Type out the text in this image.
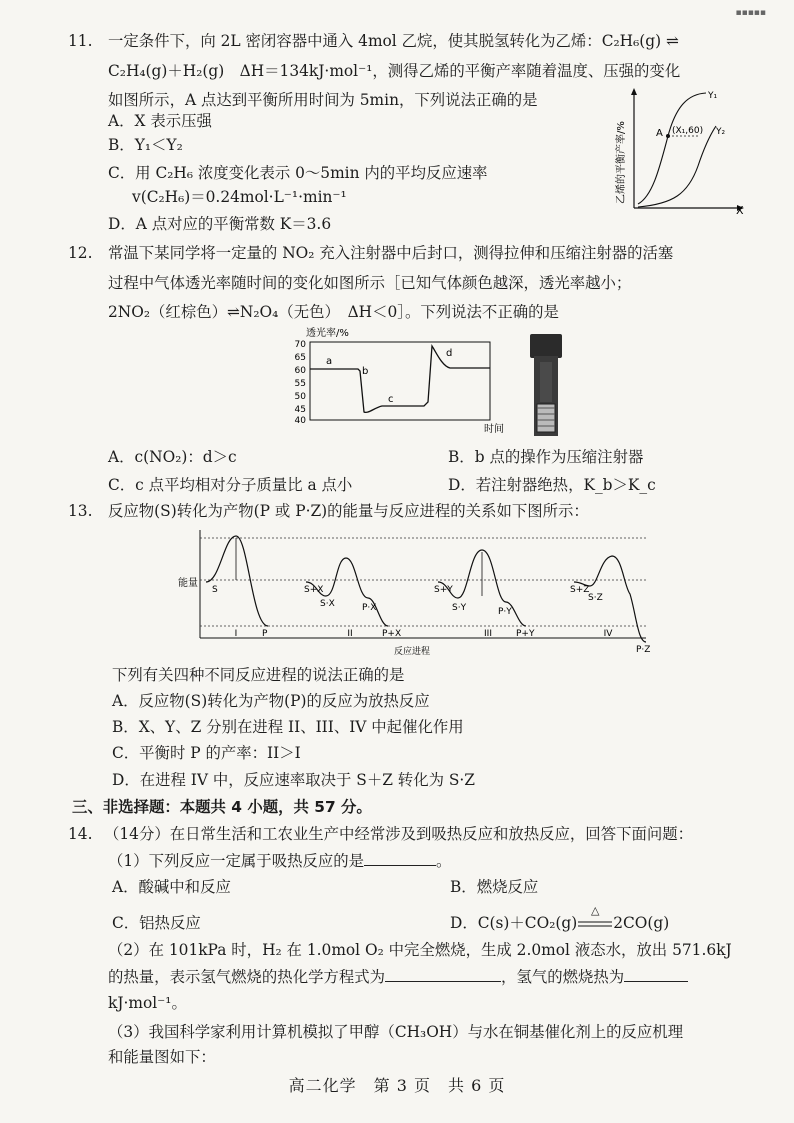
▪▪▪▪▪
11. 一定条件下，向 2L 密闭容器中通入 4mol 乙烷，使其脱氢转化为乙烯：C₂H₆(g) ⇌
C₂H₄(g)＋H₂(g)　ΔH＝134kJ·mol⁻¹，测得乙烯的平衡产率随着温度、压强的变化
如图所示，A 点达到平衡所用时间为 5min，下列说法正确的是
A．X 表示压强
B．Y₁＜Y₂
C．用 C₂H₆ 浓度变化表示 0～5min 内的平均反应速率
v(C₂H₆)＝0.24mol·L⁻¹·min⁻¹
D．A 点对应的平衡常数 K＝3.6
乙烯的平衡产率/%
X
A (X₁,60)
Y₁
Y₂
12. 常温下某同学将一定量的 NO₂ 充入注射器中后封口，测得拉伸和压缩注射器的活塞
过程中气体透光率随时间的变化如图所示［已知气体颜色越深，透光率越小；
2NO₂（红棕色）⇌N₂O₄（无色）　ΔH＜0］。下列说法不正确的是
透光率/%
70
65
60
55
50
45
40
a
b
c
d
时间
A．c(NO₂)：d＞c	B．b 点的操作为压缩注射器
C．c 点平均相对分子质量比 a 点小	D．若注射器绝热，K_b＞K_c
13. 反应物(S)转化为产物(P 或 P·Z)的能量与反应进程的关系如下图所示：
能量
S
P
S+X
S·X	P·X
P+X
S+Y
S·Y	P·Y
P+Y
S+Z
S·Z
P·Z
I	II	III	IV
反应进程
下列有关四种不同反应进程的说法正确的是
A．反应物(S)转化为产物(P)的反应为放热反应
B．X、Y、Z 分别在进程 II、III、IV 中起催化作用
C．平衡时 P 的产率：II＞I
D．在进程 IV 中，反应速率取决于 S＋Z 转化为 S·Z
三、非选择题：本题共 4 小题，共 57 分。
14. （14分）在日常生活和工农业生产中经常涉及到吸热反应和放热反应，回答下面问题：
（1）下列反应一定属于吸热反应的是	。
A．酸碱中和反应	B．燃烧反应
C．铝热反应	D．C(s)＋CO₂(g)
△
2CO(g)
（2）在 101kPa 时，H₂ 在 1.0mol O₂ 中完全燃烧，生成 2.0mol 液态水，放出 571.6kJ
的热量，表示氢气燃烧的热化学方程式为	，氢气的燃烧热为
kJ·mol⁻¹。
（3）我国科学家利用计算机模拟了甲醇（CH₃OH）与水在铜基催化剂上的反应机理
和能量图如下：
高二化学　第 3 页　共 6 页
